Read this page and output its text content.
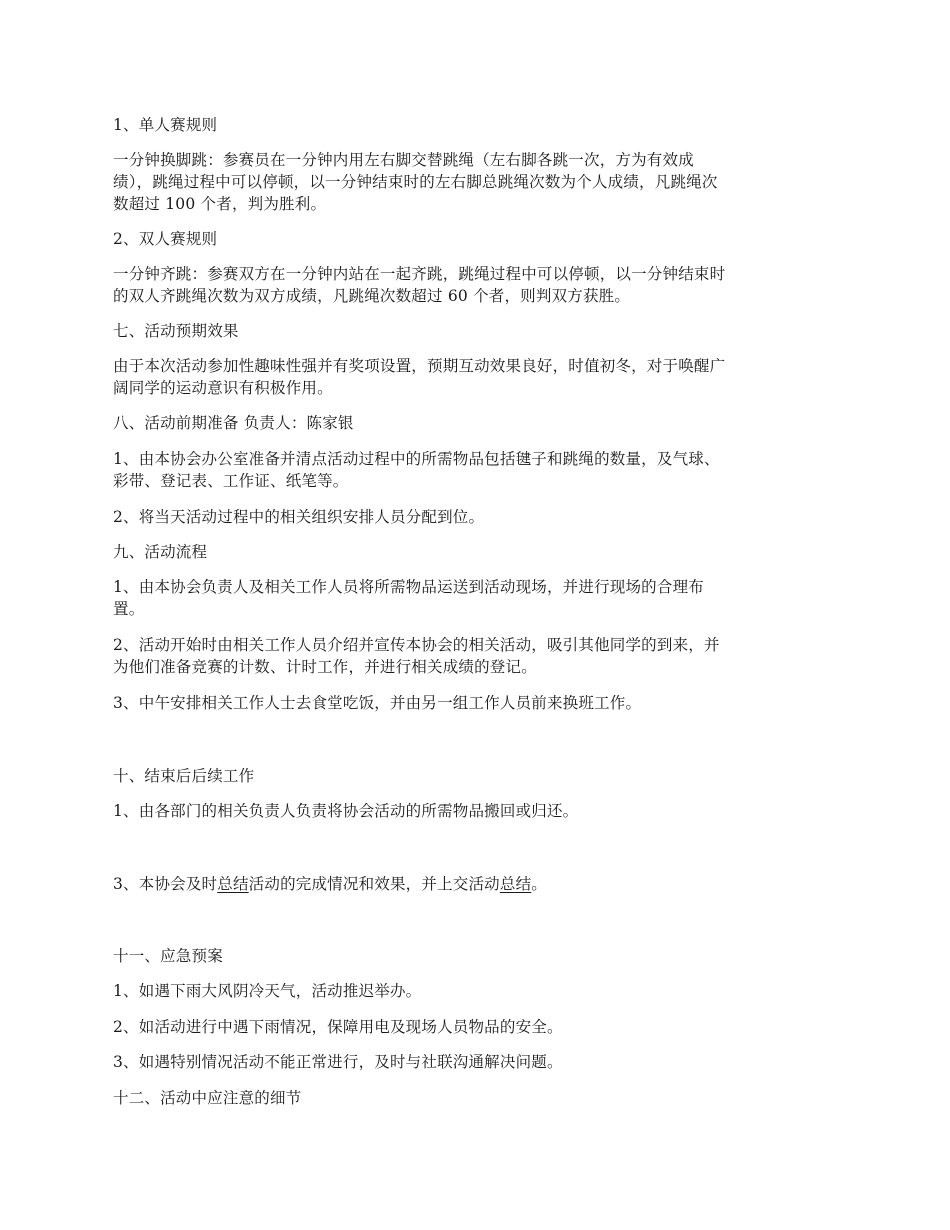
1、单人赛规则
一分钟换脚跳：参赛员在一分钟内用左右脚交替跳绳（左右脚各跳一次，方为有效成
绩），跳绳过程中可以停顿，以一分钟结束时的左右脚总跳绳次数为个人成绩，凡跳绳次
数超过 100 个者，判为胜利。
2、双人赛规则
一分钟齐跳：参赛双方在一分钟内站在一起齐跳，跳绳过程中可以停顿，以一分钟结束时
的双人齐跳绳次数为双方成绩，凡跳绳次数超过 60 个者，则判双方获胜。
七、活动预期效果
由于本次活动参加性趣味性强并有奖项设置，预期互动效果良好，时值初冬，对于唤醒广
阔同学的运动意识有积极作用。
八、活动前期准备 负责人：陈家银
1、由本协会办公室准备并清点活动过程中的所需物品包括毽子和跳绳的数量，及气球、
彩带、登记表、工作证、纸笔等。
2、将当天活动过程中的相关组织安排人员分配到位。
九、活动流程
1、由本协会负责人及相关工作人员将所需物品运送到活动现场，并进行现场的合理布
置。
2、活动开始时由相关工作人员介绍并宣传本协会的相关活动，吸引其他同学的到来，并
为他们准备竞赛的计数、计时工作，并进行相关成绩的登记。
3、中午安排相关工作人士去食堂吃饭，并由另一组工作人员前来换班工作。
十、结束后后续工作
1、由各部门的相关负责人负责将协会活动的所需物品搬回或归还。
3、本协会及时总结活动的完成情况和效果，并上交活动总结。
十一、应急预案
1、如遇下雨大风阴冷天气，活动推迟举办。
2、如活动进行中遇下雨情况，保障用电及现场人员物品的安全。
3、如遇特别情况活动不能正常进行，及时与社联沟通解决问题。
十二、活动中应注意的细节
